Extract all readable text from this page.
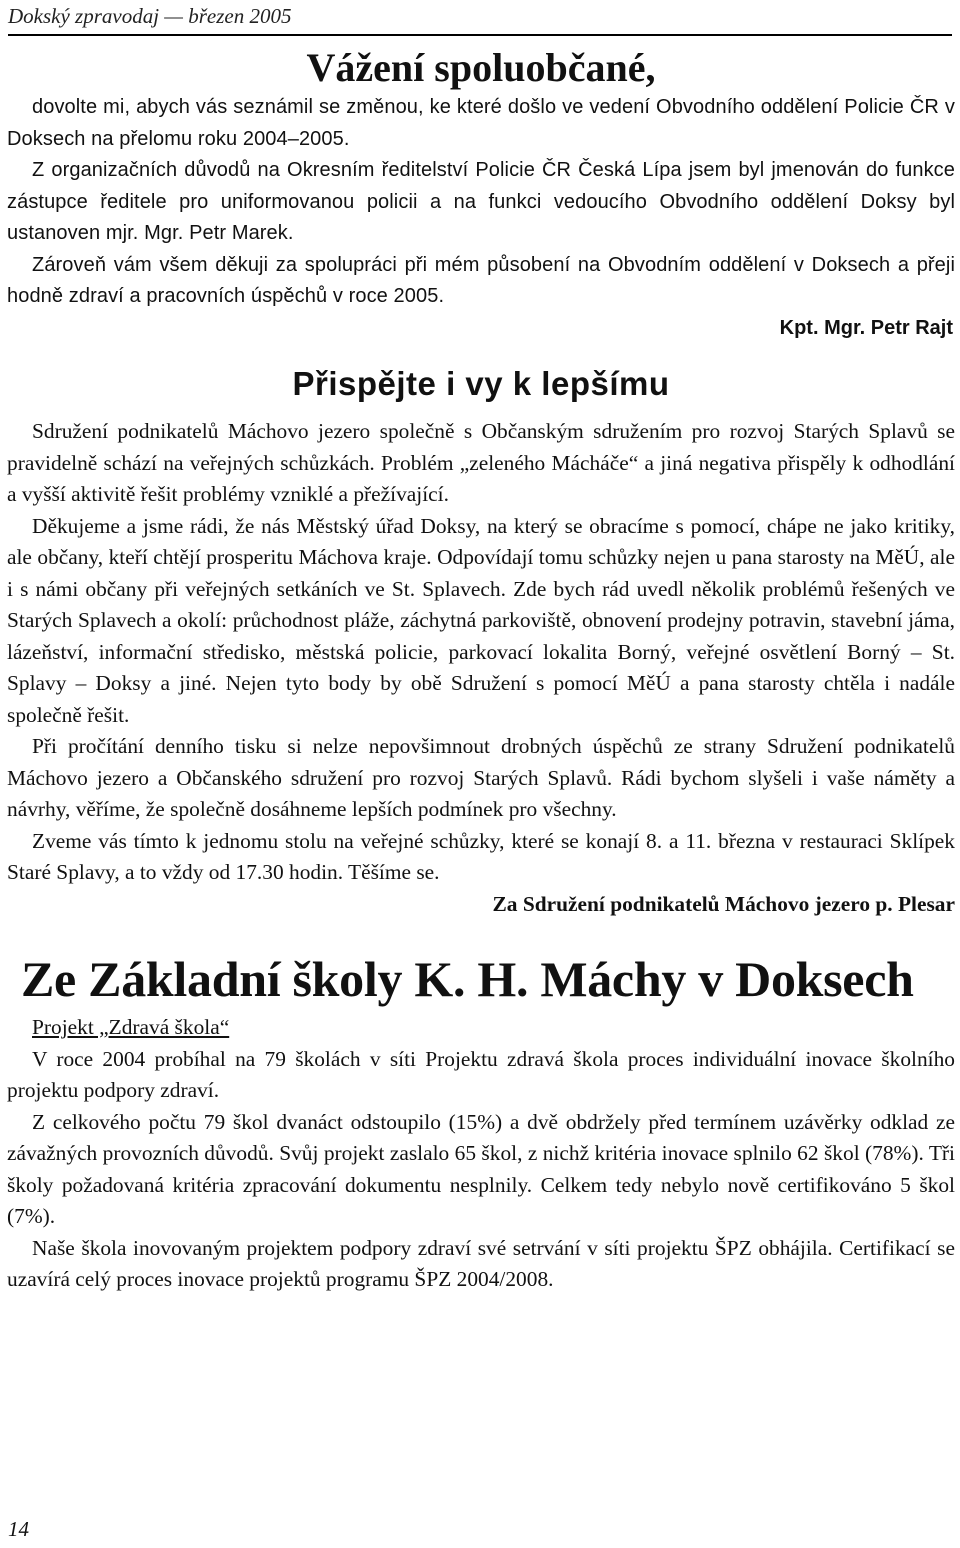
Dokský zpravodaj — březen 2005
Vážení spoluobčané,

dovolte mi, abych vás seznámil se změnou, ke které došlo ve vedení Obvodního oddělení Policie ČR v Doksech na přelomu roku 2004–2005.

Z organizačních důvodů na Okresním ředitelství Policie ČR Česká Lípa jsem byl jmenován do funkce zástupce ředitele pro uniformovanou policii a na funkci vedoucího Obvodního oddělení Doksy byl ustanoven mjr. Mgr. Petr Marek.

Zároveň vám všem děkuji za spolupráci při mém působení na Obvodním oddělení v Doksech a přeji hodně zdraví a pracovních úspěchů v roce 2005.

Kpt. Mgr. Petr Rajt

Přispějte i vy k lepšímu

Sdružení podnikatelů Máchovo jezero společně s Občanským sdružením pro rozvoj Starých Splavů se pravidelně schází na veřejných schůzkách. Problém „zeleného Mácháče“ a jiná negativa přispěly k odhodlání a vyšší aktivitě řešit problémy vzniklé a přežívající.

Děkujeme a jsme rádi, že nás Městský úřad Doksy, na který se obracíme s pomocí, chápe ne jako kritiky, ale občany, kteří chtějí prosperitu Máchova kraje. Odpovídají tomu schůzky nejen u pana starosty na MěÚ, ale i s námi občany při veřejných setkáních ve St. Splavech. Zde bych rád uvedl několik problémů řešených ve Starých Splavech a okolí: průchodnost pláže, záchytná parkoviště, obnovení prodejny potravin, stavební jáma, lázeňství, informační středisko, městská policie, parkovací lokalita Borný, veřejné osvětlení Borný – St. Splavy – Doksy a jiné. Nejen tyto body by obě Sdružení s pomocí MěÚ a pana starosty chtěla i nadále společně řešit.

Při pročítání denního tisku si nelze nepovšimnout drobných úspěchů ze strany Sdružení podnikatelů Máchovo jezero a Občanského sdružení pro rozvoj Starých Splavů. Rádi bychom slyšeli i vaše náměty a návrhy, věříme, že společně dosáhneme lepších podmínek pro všechny.

Zveme vás tímto k jednomu stolu na veřejné schůzky, které se konají 8. a 11. března v restauraci Sklípek Staré Splavy, a to vždy od 17.30 hodin. Těšíme se.

Za Sdružení podnikatelů Máchovo jezero p. Plesar

Ze Základní školy K. H. Máchy v Doksech

Projekt „Zdravá škola“

V roce 2004 probíhal na 79 školách v síti Projektu zdravá škola proces individuální inovace školního projektu podpory zdraví.

Z celkového počtu 79 škol dvanáct odstoupilo (15%) a dvě obdržely před termínem uzávěrky odklad ze závažných provozních důvodů. Svůj projekt zaslalo 65 škol, z nichž kritéria inovace splnilo 62 škol (78%). Tři školy požadovaná kritéria zpracování dokumentu nesplnily. Celkem tedy nebylo nově certifikováno 5 škol (7%).

Naše škola inovovaným projektem podpory zdraví své setrvání v síti projektu ŠPZ obhájila. Certifikací se uzavírá celý proces inovace projektů programu ŠPZ 2004/2008.

14
